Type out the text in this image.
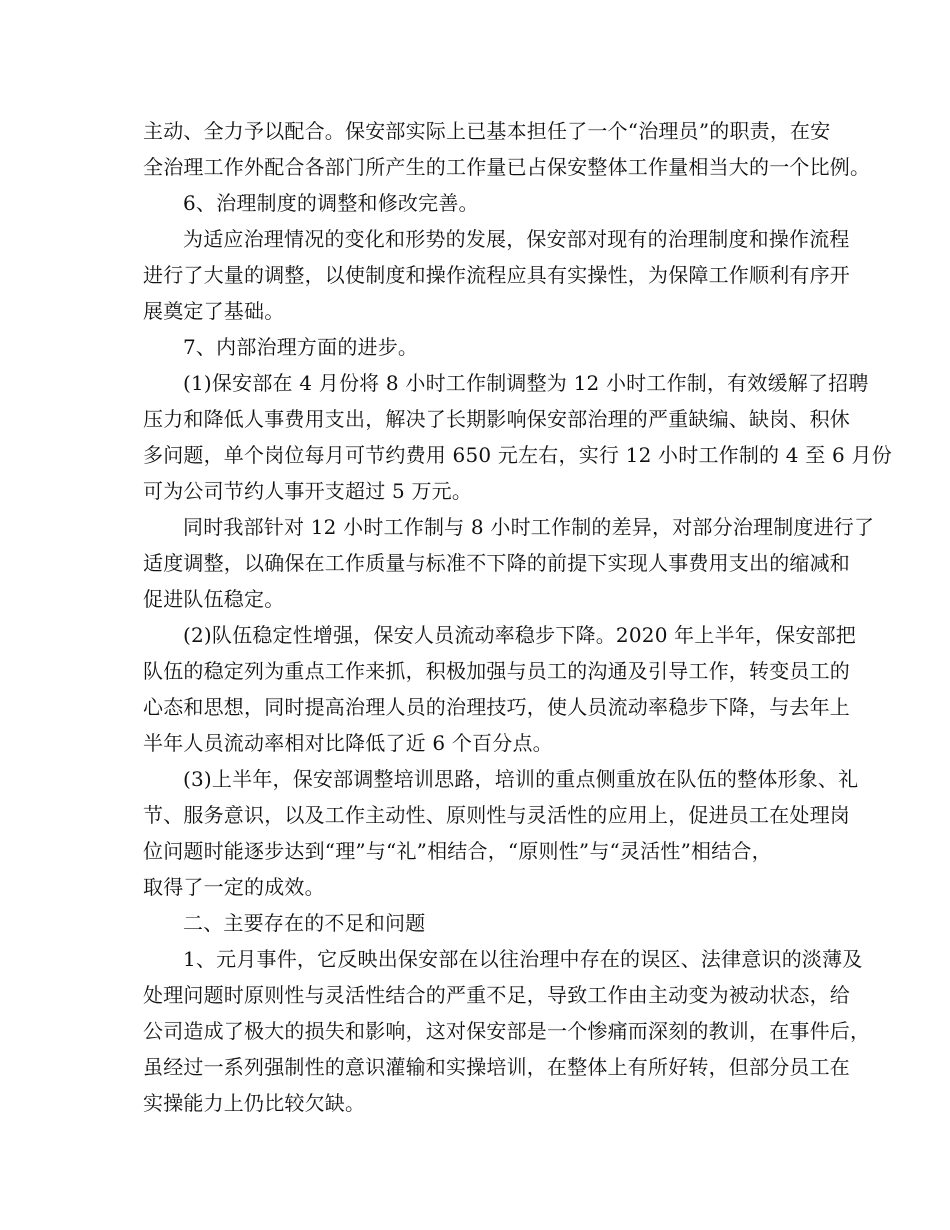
主动、全力予以配合。保安部实际上已基本担任了一个“治理员”的职责，在安
全治理工作外配合各部门所产生的工作量已占保安整体工作量相当大的一个比例。
6、治理制度的调整和修改完善。
为适应治理情况的变化和形势的发展，保安部对现有的治理制度和操作流程
进行了大量的调整，以使制度和操作流程应具有实操性，为保障工作顺利有序开
展奠定了基础。
7、内部治理方面的进步。
(1)保安部在 4 月份将 8 小时工作制调整为 12 小时工作制，有效缓解了招聘
压力和降低人事费用支出，解决了长期影响保安部治理的严重缺编、缺岗、积休
多问题，单个岗位每月可节约费用 650 元左右，实行 12 小时工作制的 4 至 6 月份
可为公司节约人事开支超过 5 万元。
同时我部针对 12 小时工作制与 8 小时工作制的差异，对部分治理制度进行了
适度调整，以确保在工作质量与标准不下降的前提下实现人事费用支出的缩减和
促进队伍稳定。
(2)队伍稳定性增强，保安人员流动率稳步下降。2020 年上半年，保安部把
队伍的稳定列为重点工作来抓，积极加强与员工的沟通及引导工作，转变员工的
心态和思想，同时提高治理人员的治理技巧，使人员流动率稳步下降，与去年上
半年人员流动率相对比降低了近 6 个百分点。
(3)上半年，保安部调整培训思路，培训的重点侧重放在队伍的整体形象、礼
节、服务意识，以及工作主动性、原则性与灵活性的应用上，促进员工在处理岗
位问题时能逐步达到“理”与“礼”相结合，“原则性”与“灵活性”相结合，
取得了一定的成效。
二、主要存在的不足和问题
1、元月事件，它反映出保安部在以往治理中存在的误区、法律意识的淡薄及
处理问题时原则性与灵活性结合的严重不足，导致工作由主动变为被动状态，给
公司造成了极大的损失和影响，这对保安部是一个惨痛而深刻的教训，在事件后，
虽经过一系列强制性的意识灌输和实操培训，在整体上有所好转，但部分员工在
实操能力上仍比较欠缺。
